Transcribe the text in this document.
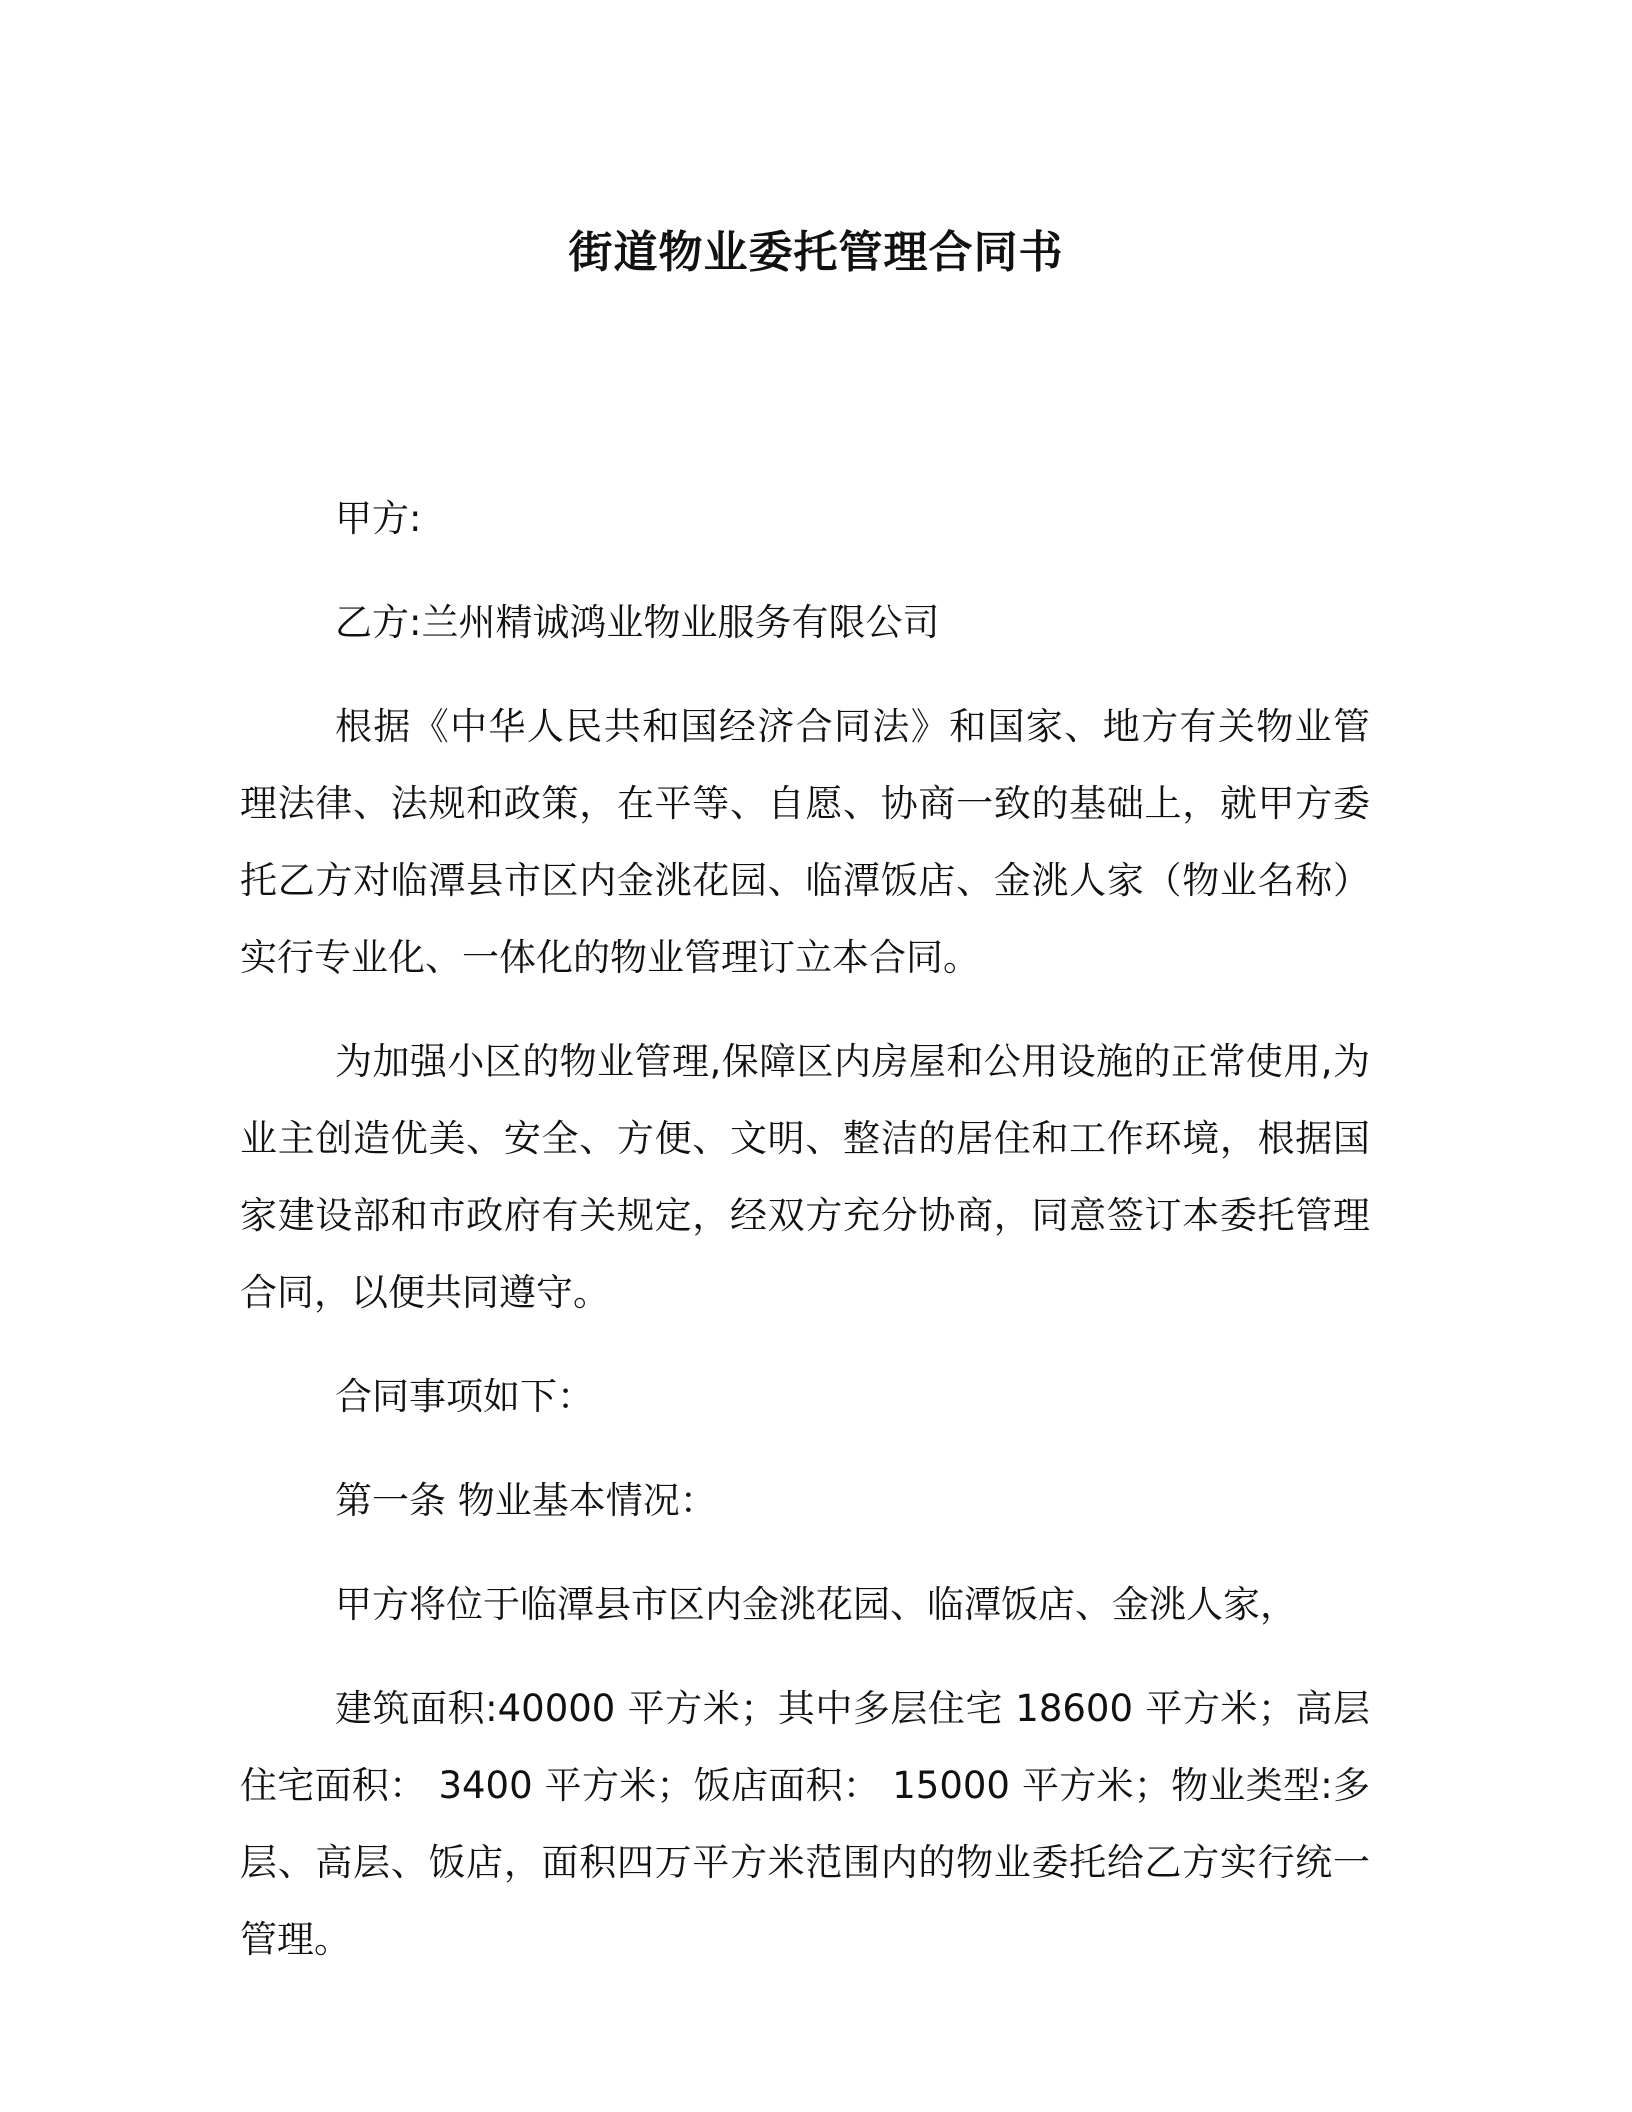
街道物业委托管理合同书

甲方:

乙方:兰州精诚鸿业物业服务有限公司

根据《中华人民共和国经济合同法》和国家、地方有关物业管理法律、法规和政策，在平等、自愿、协商一致的基础上，就甲方委托乙方对临潭县市区内金洮花园、临潭饭店、金洮人家（物业名称）实行专业化、一体化的物业管理订立本合同。

为加强小区的物业管理,保障区内房屋和公用设施的正常使用,为业主创造优美、安全、方便、文明、整洁的居住和工作环境，根据国家建设部和市政府有关规定，经双方充分协商，同意签订本委托管理合同，以便共同遵守。

合同事项如下：

第一条 物业基本情况：

甲方将位于临潭县市区内金洮花园、临潭饭店、金洮人家，

建筑面积:40000 平方米；其中多层住宅 18600 平方米；高层住宅面积： 3400 平方米；饭店面积： 15000 平方米；物业类型:多层、高层、饭店，面积四万平方米范围内的物业委托给乙方实行统一管理。
